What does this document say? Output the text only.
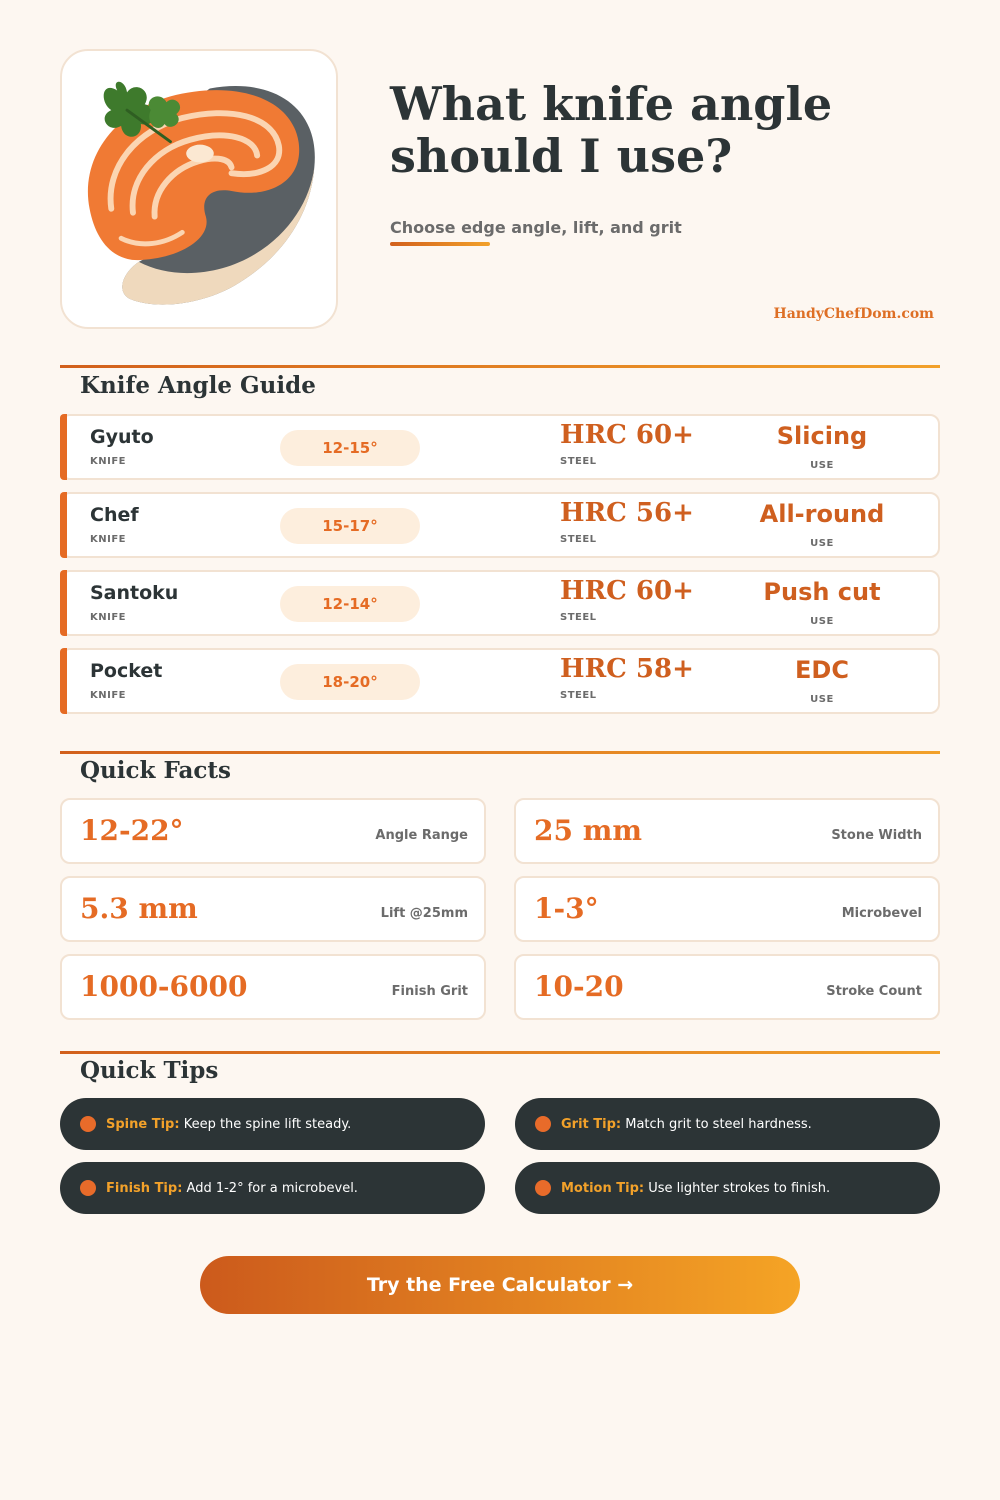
What knife angle should I use?
Choose edge angle, lift, and grit
HandyChefDom.com
Knife Angle Guide
Gyuto
KNIFE
12-15°	HRC 60+
STEEL
Slicing
USE
Chef
KNIFE
15-17°	HRC 56+
STEEL
All-round
USE
Santoku
KNIFE
12-14°	HRC 60+
STEEL
Push cut
USE
Pocket
KNIFE
18-20°	HRC 58+
STEEL
EDC
USE
Quick Facts
12-22°	Angle Range 25 mm	Stone Width
5.3 mm	Lift @25mm 1-3°	Microbevel
1000-6000	Finish Grit 10-20	Stroke Count
Quick Tips
Spine Tip: Keep the spine lift steady.	Grit Tip: Match grit to steel hardness.
Finish Tip: Add 1-2° for a microbevel.	Motion Tip: Use lighter strokes to finish.
Try the Free Calculator →
